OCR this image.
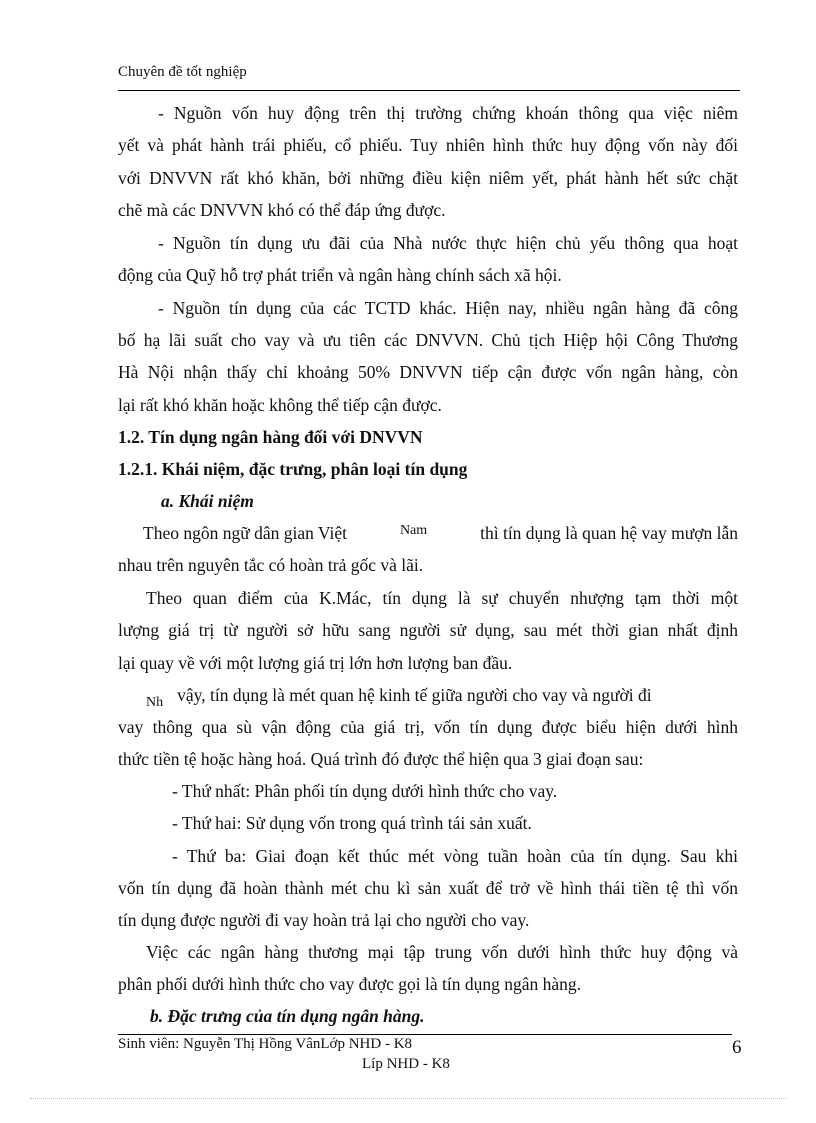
Chuyên đề tốt nghiệp
- Nguồn vốn huy động trên thị trường chứng khoán thông qua việc niêm
yết và phát hành trái phiếu, cổ phiếu. Tuy nhiên hình thức huy động vốn này đối
với DNVVN rất khó khăn, bởi những điều kiện niêm yết, phát hành hết sức chặt
chẽ mà các DNVVN khó có thể đáp ứng được.
- Nguồn tín dụng ưu đãi của Nhà nước thực hiện chủ yếu thông qua hoạt
động của Quỹ hỗ trợ phát triển và ngân hàng chính sách xã hội.
- Nguồn tín dụng của các TCTD khác. Hiện nay, nhiều ngân hàng đã công
bố hạ lãi suất cho vay và ưu tiên các DNVVN. Chủ tịch Hiệp hội Công Thương
Hà Nội nhận thấy chỉ khoảng 50% DNVVN tiếp cận được vốn ngân hàng, còn
lại rất khó khăn hoặc không thể tiếp cận được.
1.2. Tín dụng ngân hàng đối với DNVVN
1.2.1. Khái niệm, đặc trưng, phân loại tín dụng
a. Khái niệm
Theo ngôn ngữ dân gian Việt	Nam	thì tín dụng là quan hệ vay mượn lẫn
nhau trên nguyên tắc có hoàn trả gốc và lãi.
Theo quan điểm của K.Mác, tín dụng là sự chuyển nhượng tạm thời một
lượng giá trị từ người sở hữu sang người sử dụng, sau mét thời gian nhất định
lại quay về với một lượng giá trị lớn hơn lượng ban đầu.
$_{Nh}$ vậy, tín dụng là mét quan hệ kinh tế giữa người cho vay và người đi
vay thông qua sù vận động của giá trị, vốn tín dụng được biểu hiện dưới hình
thức tiền tệ hoặc hàng hoá. Quá trình đó được thể hiện qua 3 giai đoạn sau:
- Thứ nhất: Phân phối tín dụng dưới hình thức cho vay.
- Thứ hai: Sử dụng vốn trong quá trình tái sản xuất.
- Thứ ba: Giai đoạn kết thúc mét vòng tuần hoàn của tín dụng. Sau khi
vốn tín dụng đã hoàn thành mét chu kì sản xuất để trở về hình thái tiền tệ thì vốn
tín dụng được người đi vay hoàn trả lại cho người cho vay.
Việc các ngân hàng thương mại tập trung vốn dưới hình thức huy động và
phân phối dưới hình thức cho vay được gọi là tín dụng ngân hàng.
b. Đặc trưng của tín dụng ngân hàng.
Sinh viên: Nguyễn Thị Hồng VânLớp NHD - K8
Líp NHD - K8
6
